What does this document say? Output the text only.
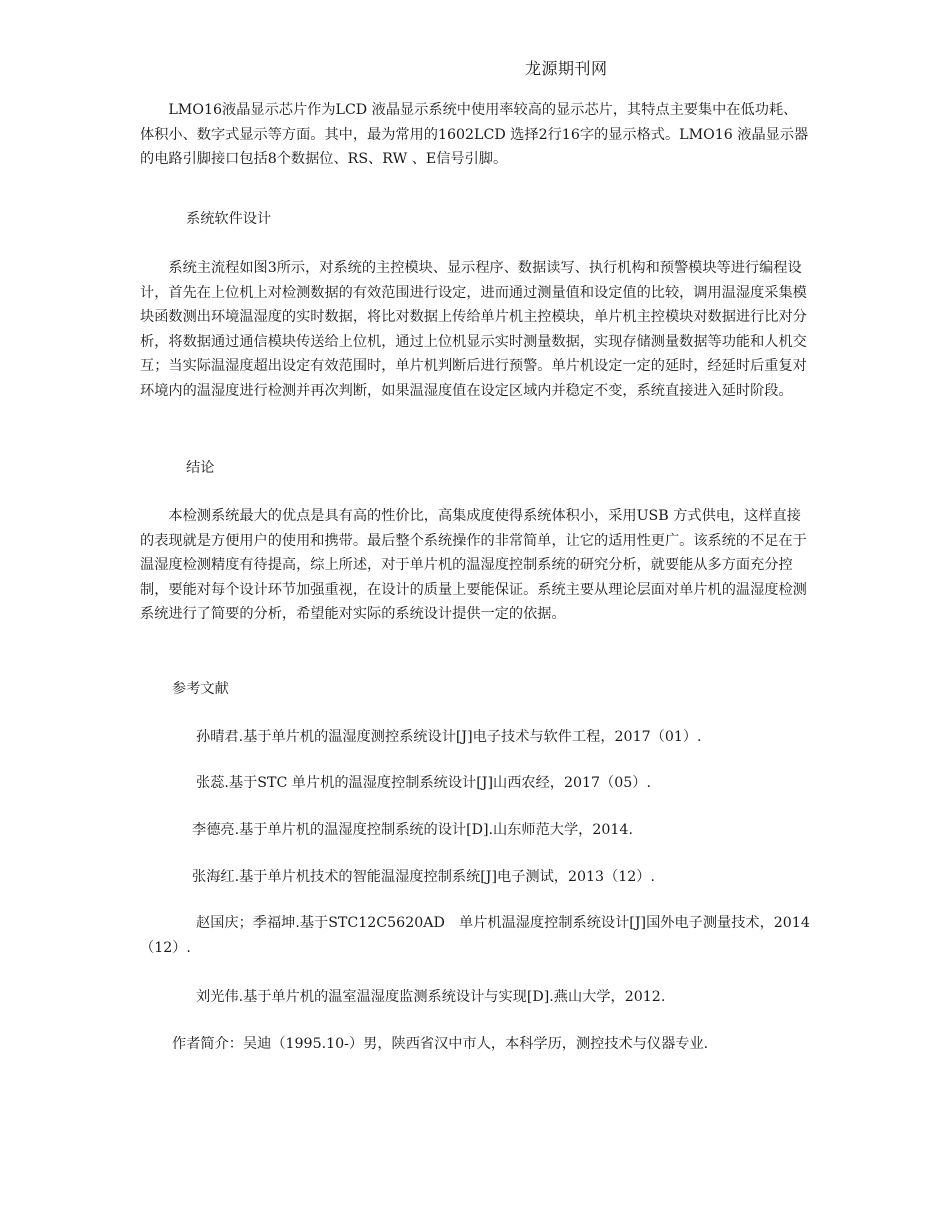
龙源期刊网

LMO16液晶显示芯片作为LCD 液晶显示系统中使用率较高的显示芯片，其特点主要集中在低功耗、体积小、数字式显示等方面。其中，最为常用的1602LCD 选择2行16字的显示格式。LMO16 液晶显示器的电路引脚接口包括8个数据位、RS、RW 、E信号引脚。

系统软件设计

系统主流程如图3所示，对系统的主控模块、显示程序、数据读写、执行机构和预警模块等进行编程设计，首先在上位机上对检测数据的有效范围进行设定，进而通过测量值和设定值的比较，调用温湿度采集模块函数测出环境温湿度的实时数据，将比对数据上传给单片机主控模块，单片机主控模块对数据进行比对分析，将数据通过通信模块传送给上位机，通过上位机显示实时测量数据，实现存储测量数据等功能和人机交互；当实际温湿度超出设定有效范围时，单片机判断后进行预警。单片机设定一定的延时，经延时后重复对环境内的温湿度进行检测并再次判断，如果温湿度值在设定区域内并稳定不变，系统直接进入延时阶段。

结论

本检测系统最大的优点是具有高的性价比，高集成度使得系统体积小，采用USB 方式供电，这样直接的表现就是方便用户的使用和携带。最后整个系统操作的非常简单，让它的适用性更广。该系统的不足在于温湿度检测精度有待提高，综上所述，对于单片机的温湿度控制系统的研究分析，就要能从多方面充分控制，要能对每个设计环节加强重视，在设计的质量上要能保证。系统主要从理论层面对单片机的温湿度检测系统进行了简要的分析，希望能对实际的系统设计提供一定的依据。

参考文献
孙晴君.基于单片机的温湿度测控系统设计[J]电子技术与软件工程，2017（01）.
张蕊.基于STC 单片机的温湿度控制系统设计[J]山西农经，2017（05）.
李德亮.基于单片机的温湿度控制系统的设计[D].山东师范大学，2014.
张海红.基于单片机技术的智能温湿度控制系统[J]电子测试，2013（12）.
赵国庆；季福坤.基于STC12C5620AD　单片机温湿度控制系统设计[J]国外电子测量技术，2014（12）.
刘光伟.基于单片机的温室温湿度监测系统设计与实现[D].燕山大学，2012.
作者简介：吴迪（1995.10-）男，陕西省汉中市人，本科学历，测控技术与仪器专业.
